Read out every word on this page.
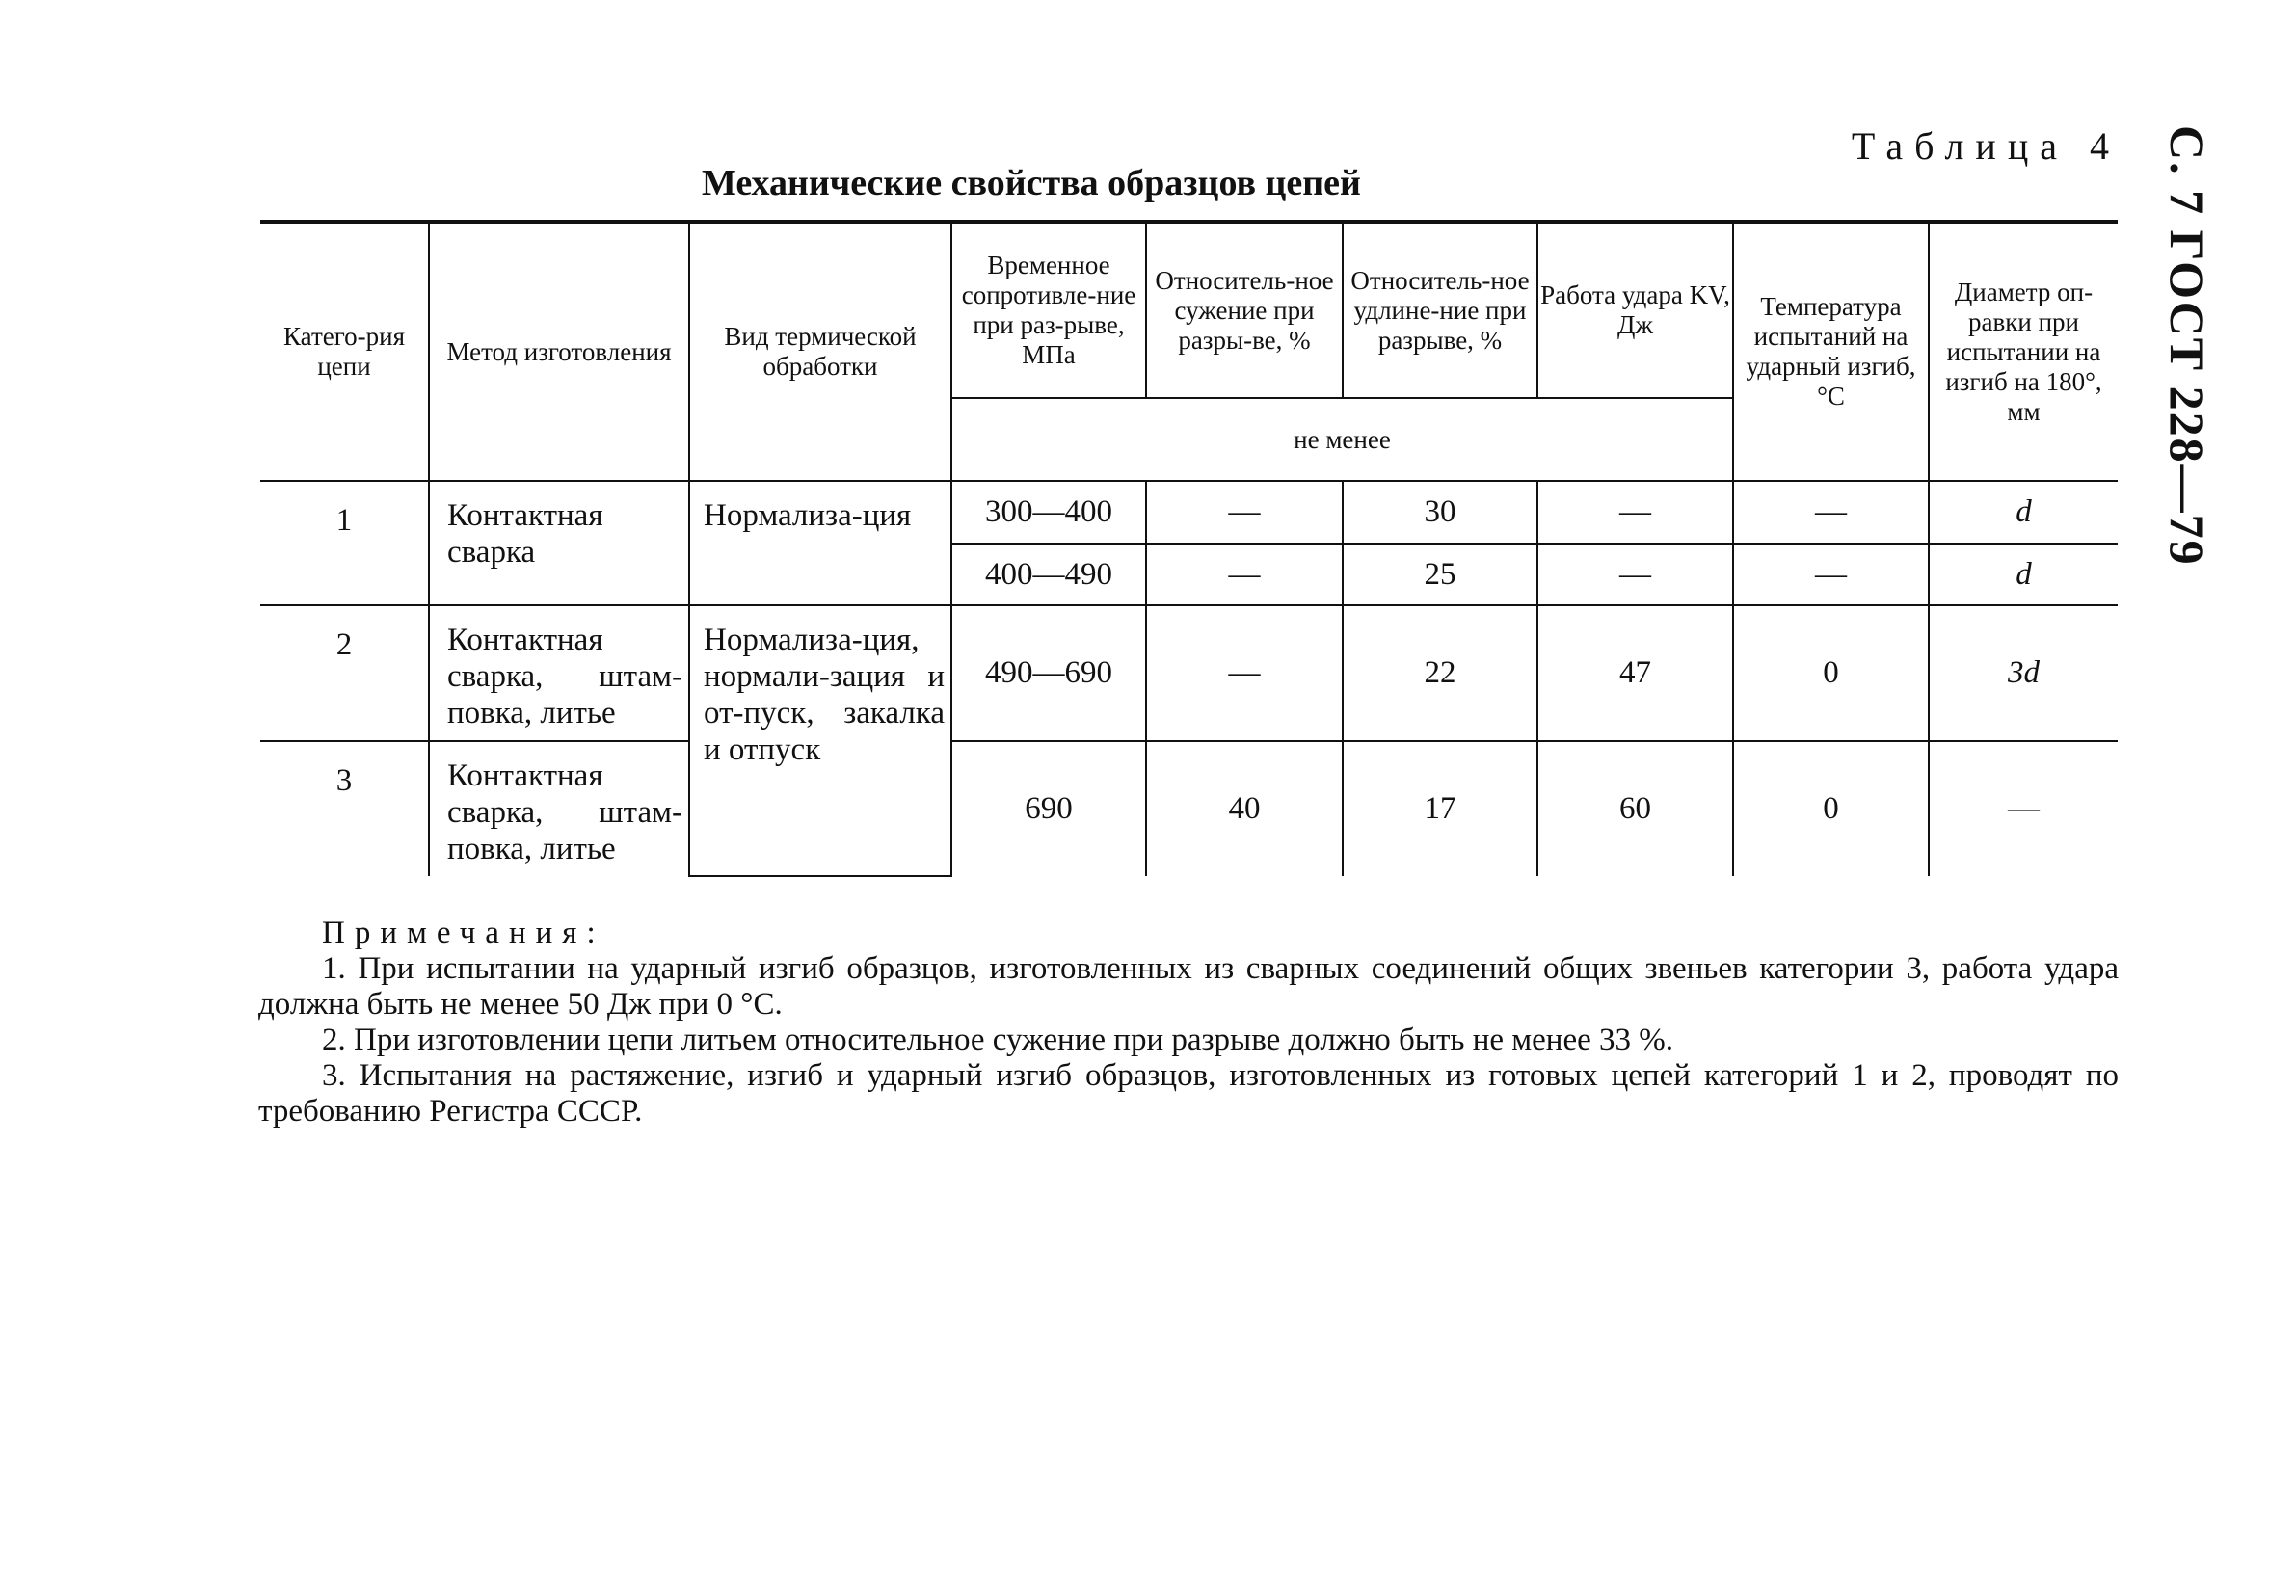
С. 7 ГОСТ 228—79
Таблица 4
Механические свойства образцов цепей
Катего-рия цепи	Метод изготовления	Вид термической обработки	Временное сопротивле-ние при раз-рыве, МПа	Относитель-ное сужение при разры-ве, %	Относитель-ное удлине-ние при разрыве, %	Работа удара KV, Дж	Температура испытаний на ударный изгиб, °С	Диаметр оп-равки при испытании на изгиб на 180°, мм
			не менее					
1	Контактная сварка	Нормализа-ция	300—400	—	30	—	—	d
			400—490	—	25	—	—	d
2	Контактная сварка, штам-повка, литье	Нормализа-ция, нормали-зация и от-пуск, закалка и отпуск	490—690	—	22	47	0	3d
3	Контактная сварка, штам-повка, литье		690	40	17	60	0	—
Примечания:
1. При испытании на ударный изгиб образцов, изготовленных из сварных соединений общих звеньев категории 3, работа удара должна быть не менее 50 Дж при 0 °С.
2. При изготовлении цепи литьем относительное сужение при разрыве должно быть не менее 33 %.
3. Испытания на растяжение, изгиб и ударный изгиб образцов, изготовленных из готовых цепей категорий 1 и 2, проводят по требованию Регистра СССР.
